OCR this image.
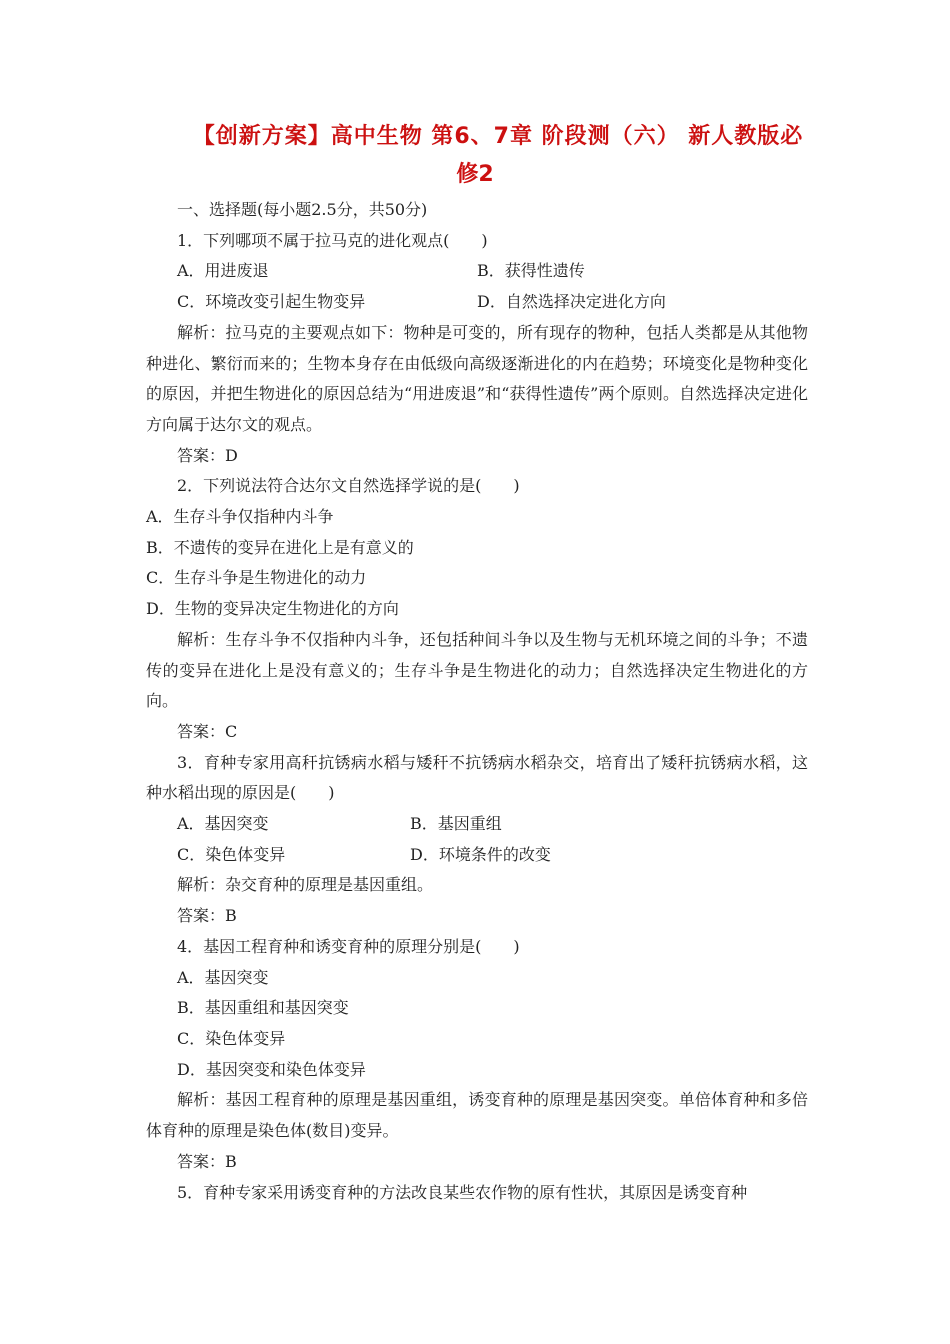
【创新方案】高中生物 第6、7章 阶段测（六） 新人教版必
修2
一、选择题(每小题2.5分，共50分)
1．下列哪项不属于拉马克的进化观点(　　)
A．用进废退	B．获得性遗传
C．环境改变引起生物变异	D．自然选择决定进化方向

解析：拉马克的主要观点如下：物种是可变的，所有现存的物种，包括人类都是从其他物种进化、繁衍而来的；生物本身存在由低级向高级逐渐进化的内在趋势；环境变化是物种变化的原因，并把生物进化的原因总结为“用进废退”和“获得性遗传”两个原则。自然选择决定进化方向属于达尔文的观点。

答案：D
2．下列说法符合达尔文自然选择学说的是(　　)
A．生存斗争仅指种内斗争
B．不遗传的变异在进化上是有意义的
C．生存斗争是生物进化的动力
D．生物的变异决定生物进化的方向

解析：生存斗争不仅指种内斗争，还包括种间斗争以及生物与无机环境之间的斗争；不遗传的变异在进化上是没有意义的；生存斗争是生物进化的动力；自然选择决定生物进化的方向。

答案：C

3．育种专家用高秆抗锈病水稻与矮秆不抗锈病水稻杂交，培育出了矮秆抗锈病水稻，这种水稻出现的原因是(　　)

A．基因突变	B．基因重组
C．染色体变异	D．环境条件的改变
解析：杂交育种的原理是基因重组。
答案：B
4．基因工程育种和诱变育种的原理分别是(　　)
A．基因突变
B．基因重组和基因突变
C．染色体变异
D．基因突变和染色体变异

解析：基因工程育种的原理是基因重组，诱变育种的原理是基因突变。单倍体育种和多倍体育种的原理是染色体(数目)变异。

答案：B
5．育种专家采用诱变育种的方法改良某些农作物的原有性状，其原因是诱变育种
